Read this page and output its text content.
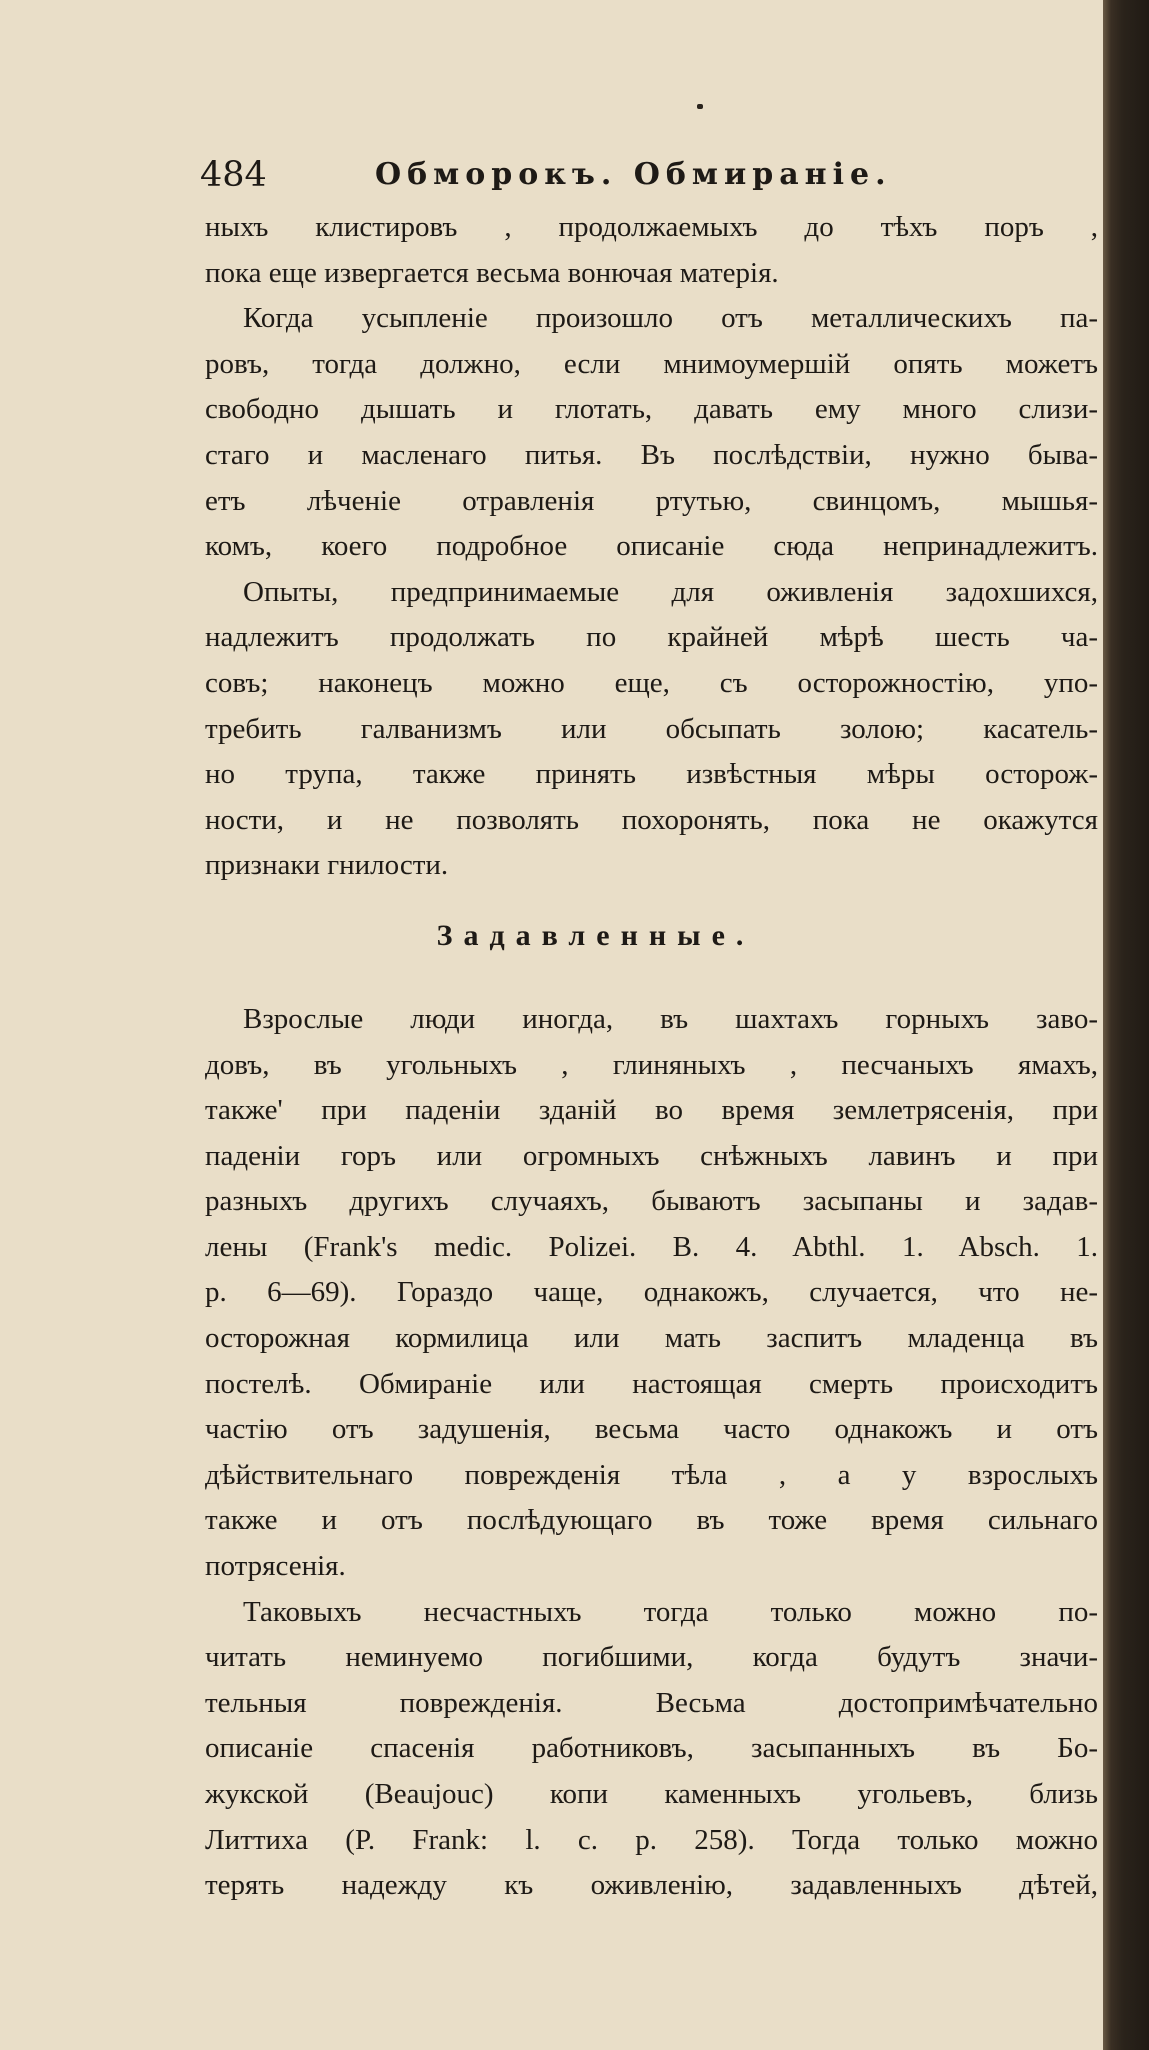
484	Обморокъ. Обмираніе.

ныхъ клистировъ , продолжаемыхъ до тѣхъ поръ ,
пока еще извергается весьма вонючая матерія.

Когда усыпленіе произошло отъ металлическихъ па-
ровъ, тогда должно, если мнимоумершій опять можетъ
свободно дышать и глотать, давать ему много слизи-
стаго и масленаго питья. Въ послѣдствіи, нужно быва-
етъ лѣченіе отравленія ртутью, свинцомъ, мышья-
комъ, коего подробное описаніе сюда непринадлежитъ.

Опыты, предпринимаемые для оживленія задохшихся,
надлежитъ продолжать по крайней мѣрѣ шесть ча-
совъ; наконецъ можно еще, съ осторожностію, упо-
требить галванизмъ или обсыпать золою; касатель-
но трупа, также принять извѣстныя мѣры осторож-
ности, и не позволять похоронять, пока не окажутся
признаки гнилости.

Задавленные.

Взрослые люди иногда, въ шахтахъ горныхъ заво-
довъ, въ угольныхъ , глиняныхъ , песчаныхъ ямахъ,
также' при паденіи зданій во время землетрясенія, при
паденіи горъ или огромныхъ снѣжныхъ лавинъ и при
разныхъ другихъ случаяхъ, бываютъ засыпаны и задав-
лены (Frank's medic. Polizei. B. 4. Abthl. 1. Absch. 1.
p. 6—69). Гораздо чаще, однакожъ, случается, что не-
осторожная кормилица или мать заспитъ младенца въ
постелѣ. Обмираніе или настоящая смерть происходитъ
частію отъ задушенія, весьма часто однакожъ и отъ
дѣйствительнаго поврежденія тѣла , а у взрослыхъ
также и отъ послѣдующаго въ тоже время сильнаго
потрясенія.

Таковыхъ несчастныхъ тогда только можно по-
читать неминуемо погибшими, когда будутъ значи-
тельныя поврежденія. Весьма достопримѣчательно
описаніе спасенія работниковъ, засыпанныхъ въ Бо-
жукской (Beaujouc) копи каменныхъ угольевъ, близь
Литтиха (P. Frank: l. c. p. 258). Тогда только можно
терять надежду къ оживленію, задавленныхъ дѣтей,
